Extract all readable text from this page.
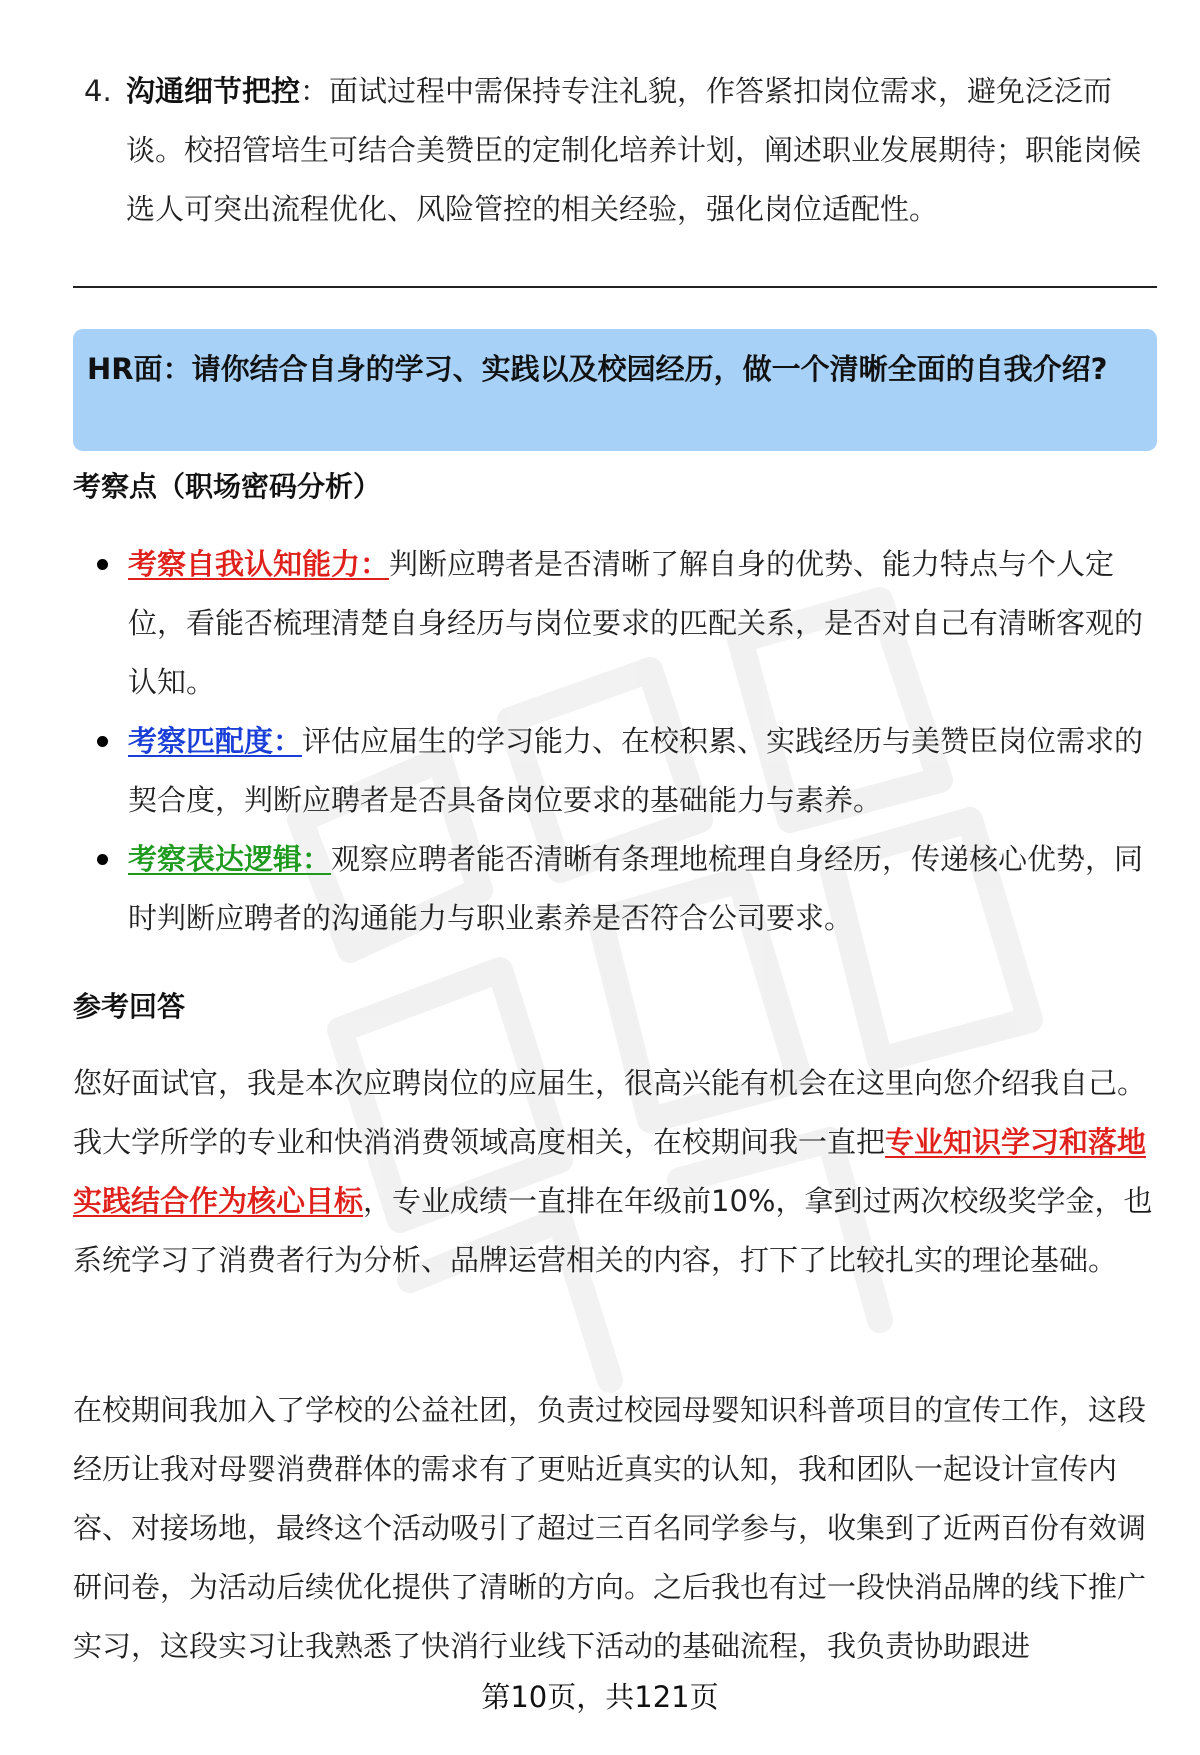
4. 沟通细节把控：面试过程中需保持专注礼貌，作答紧扣岗位需求，避免泛泛而谈。校招管培生可结合美赞臣的定制化培养计划，阐述职业发展期待；职能岗候选人可突出流程优化、风险管控的相关经验，强化岗位适配性。
HR面：请你结合自身的学习、实践以及校园经历，做一个清晰全面的自我介绍?
考察点（职场密码分析）
考察自我认知能力：判断应聘者是否清晰了解自身的优势、能力特点与个人定位，看能否梳理清楚自身经历与岗位要求的匹配关系，是否对自己有清晰客观的认知。
考察匹配度：评估应届生的学习能力、在校积累、实践经历与美赞臣岗位需求的契合度，判断应聘者是否具备岗位要求的基础能力与素养。
考察表达逻辑：观察应聘者能否清晰有条理地梳理自身经历，传递核心优势，同时判断应聘者的沟通能力与职业素养是否符合公司要求。
参考回答

您好面试官，我是本次应聘岗位的应届生，很高兴能有机会在这里向您介绍我自己。我大学所学的专业和快消消费领域高度相关，在校期间我一直把专业知识学习和落地实践结合作为核心目标，专业成绩一直排在年级前10%，拿到过两次校级奖学金，也系统学习了消费者行为分析、品牌运营相关的内容，打下了比较扎实的理论基础。

在校期间我加入了学校的公益社团，负责过校园母婴知识科普项目的宣传工作，这段经历让我对母婴消费群体的需求有了更贴近真实的认知，我和团队一起设计宣传内容、对接场地，最终这个活动吸引了超过三百名同学参与，收集到了近两百份有效调研问卷，为活动后续优化提供了清晰的方向。之后我也有过一段快消品牌的线下推广实习，这段实习让我熟悉了快消行业线下活动的基础流程，我负责协助跟进

第10页，共121页
